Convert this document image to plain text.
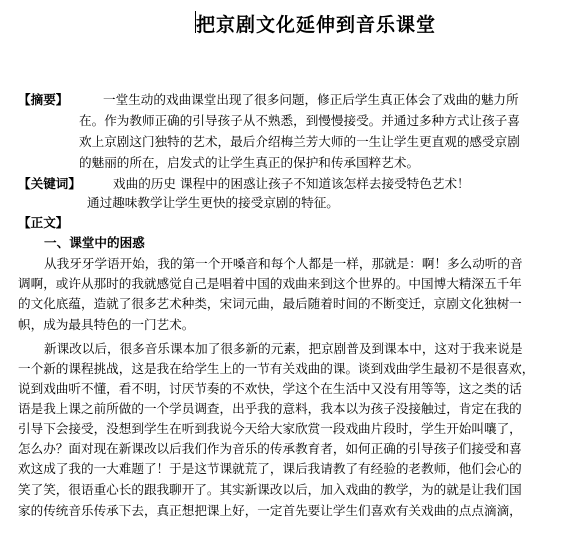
把京剧文化延伸到音乐课堂
【摘要】	一堂生动的戏曲课堂出现了很多问题，修正后学生真正体会了戏曲的魅力所
在。作为教师正确的引导孩子从不熟悉，到慢慢接受。并通过多种方式让孩子喜
欢上京剧这门独特的艺术，最后介绍梅兰芳大师的一生让学生更直观的感受京剧
的魅丽的所在，启发式的让学生真正的保护和传承国粹艺术。
【关键词】	戏曲的历史 课程中的困惑让孩子不知道该怎样去接受特色艺术！
通过趣味教学让学生更快的接受京剧的特征。
【正文】
一、课堂中的困惑
从我牙牙学语开始，我的第一个开嗓音和每个人都是一样，那就是：啊！多么动听的音
调啊，或许从那时的我就感觉自己是唱着中国的戏曲来到这个世界的。中国博大精深五千年
的文化底蕴，造就了很多艺术种类，宋词元曲，最后随着时间的不断变迁，京剧文化独树一
帜，成为最具特色的一门艺术。
新课改以后，很多音乐课本加了很多新的元素，把京剧普及到课本中，这对于我来说是
一个新的课程挑战，这是我在给学生上的一节有关戏曲的课。谈到戏曲学生最初不是很喜欢，
说到戏曲听不懂，看不明，讨厌节奏的不欢快，学这个在生活中又没有用等等，这之类的话
语是我上课之前所做的一个学员调查，出乎我的意料，我本以为孩子没接触过，肯定在我的
引导下会接受，没想到学生在听到我说今天给大家欣赏一段戏曲片段时，学生开始叫嚷了，
怎么办？面对现在新课改以后我们作为音乐的传承教育者，如何正确的引导孩子们接受和喜
欢这成了我的一大难题了！于是这节课就荒了，课后我请教了有经验的老教师，他们会心的
笑了笑，很语重心长的跟我聊开了。其实新课改以后，加入戏曲的教学，为的就是让我们国
家的传统音乐传承下去，真正想把课上好，一定首先要让学生们喜欢有关戏曲的点点滴滴，
